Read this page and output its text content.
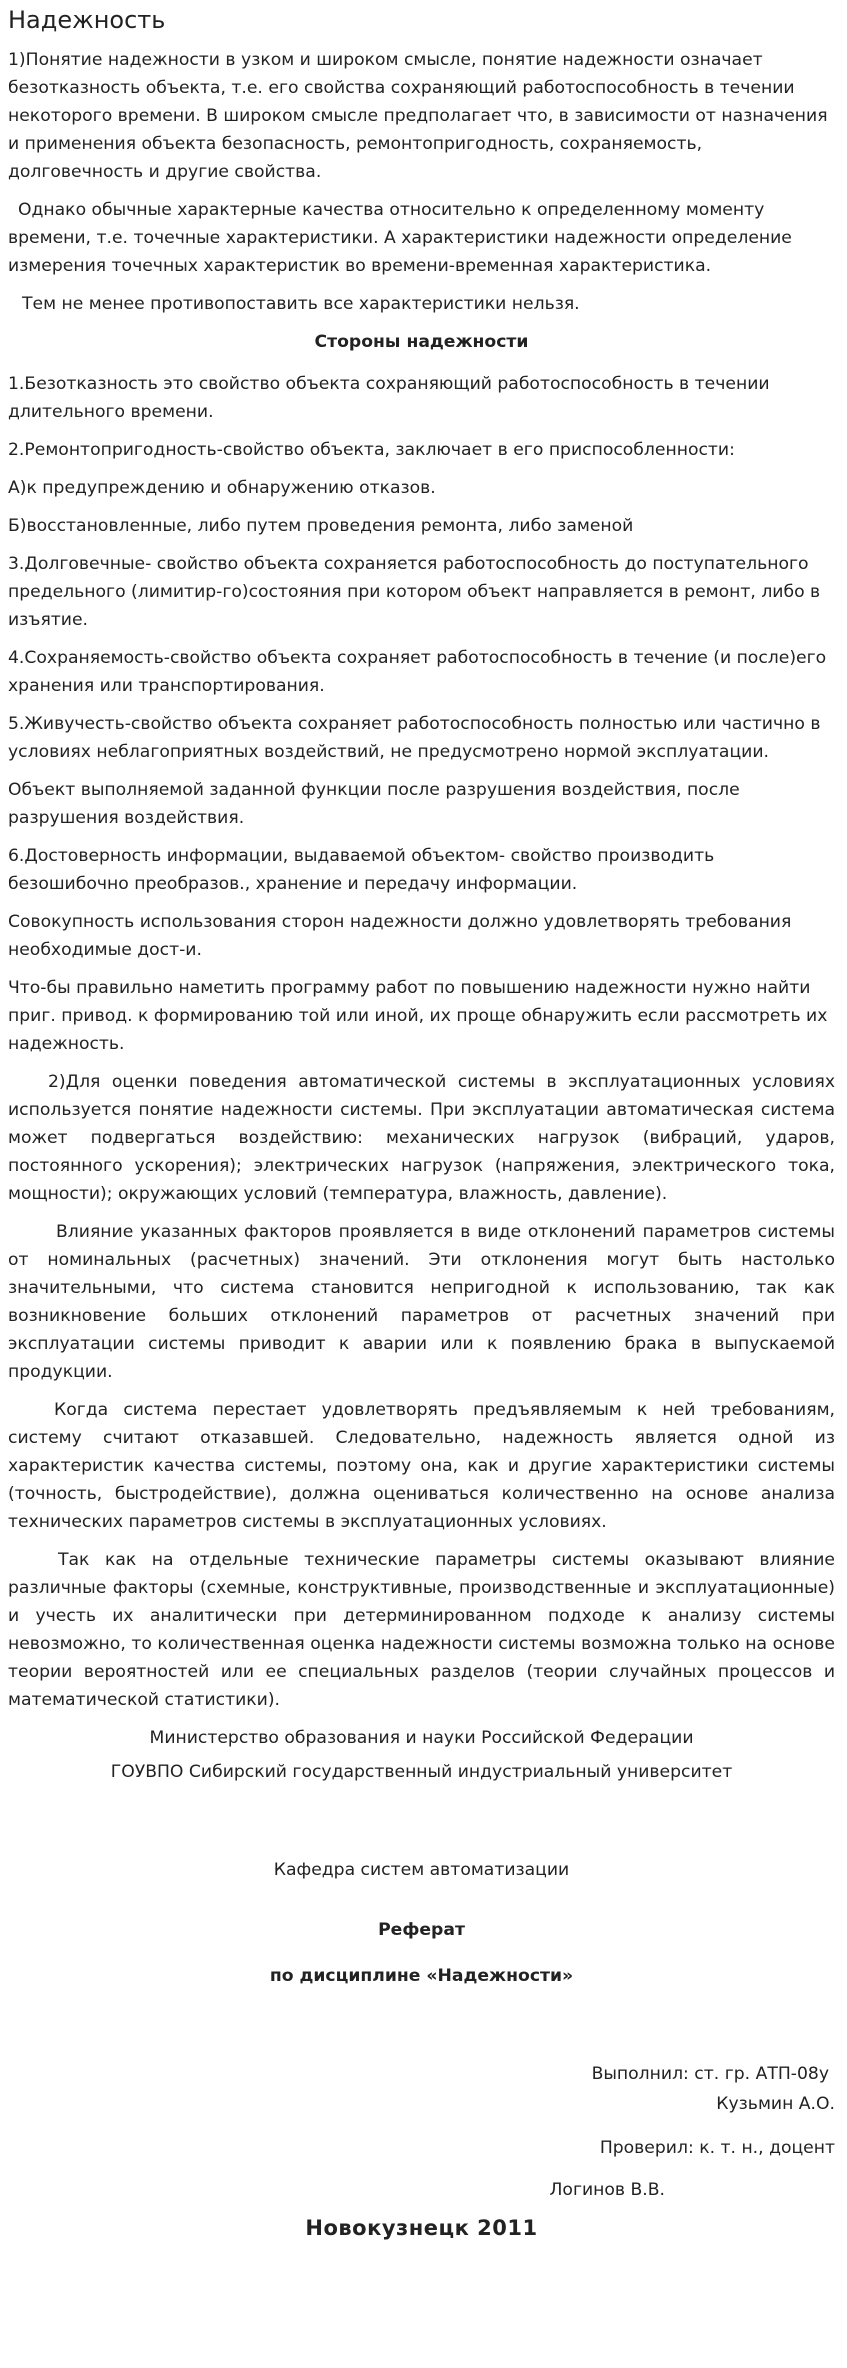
Надежность

1)Понятие надежности в узком и широком смысле, понятие надежности означает безотказность объекта, т.е. его свойства сохраняющий работоспособность в течении некоторого времени. В широком смысле предполагает что, в зависимости от назначения и применения объекта безопасность, ремонтопригодность, сохраняемость, долговечность и другие свойства.

Однако обычные характерные качества относительно к определенному моменту времени, т.е. точечные характеристики. А характеристики надежности определение измерения точечных характеристик во времени-временная характеристика.

Тем не менее противопоставить все характеристики нельзя.

Стороны надежности

1.Безотказность это свойство объекта сохраняющий работоспособность в течении длительного времени.

2.Ремонтопригодность-свойство объекта, заключает в его приспособленности:

А)к предупреждению и обнаружению отказов.

Б)восстановленные, либо путем проведения ремонта, либо заменой

3.Долговечные- свойство объекта сохраняется работоспособность до поступательного предельного (лимитир-го)состояния при котором объект направляется в ремонт, либо в изъятие.

4.Сохраняемость-свойство объекта сохраняет работоспособность в течение (и после)его хранения или транспортирования.

5.Живучесть-свойство объекта сохраняет работоспособность полностью или частично в условиях неблагоприятных воздействий, не предусмотрено нормой эксплуатации.

Объект выполняемой заданной функции после разрушения воздействия, после разрушения воздействия.

6.Достоверность информации, выдаваемой объектом- свойство производить безошибочно преобразов., хранение и передачу информации.

Совокупность использования сторон надежности должно удовлетворять требования необходимые дост-и.

Что-бы правильно наметить программу работ по повышению надежности нужно найти приг. привод. к формированию той или иной, их проще обнаружить если рассмотреть их надежность.

2)Для оценки поведения автоматической системы в эксплуатационных условиях используется понятие надежности системы. При эксплуатации автоматическая система может подвергаться воздействию: механических нагрузок (вибраций, ударов, постоянного ускорения); электрических нагрузок (напряжения, электрического тока, мощности); окружающих условий (температура, влажность, давление).

Влияние указанных факторов проявляется в виде отклонений параметров системы от номинальных (расчетных) значений. Эти отклонения могут быть настолько значительными, что система становится непригодной к использованию, так как возникновение больших отклонений параметров от расчетных значений при эксплуатации системы приводит к аварии или к появлению брака в выпускаемой продукции.

Когда система перестает удовлетворять предъявляемым к ней требованиям, систему считают отказавшей. Следовательно, надежность является одной из характеристик качества системы, поэтому она, как и другие характеристики системы (точность, быстродействие), должна оцениваться количественно на основе анализа технических параметров системы в эксплуатационных условиях.

Так как на отдельные технические параметры системы оказывают влияние различные факторы (схемные, конструктивные, производственные и эксплуатационные) и учесть их аналитически при детерминированном подходе к анализу системы невозможно, то количественная оценка надежности системы возможна только на основе теории вероятностей или ее специальных разделов (теории случайных процессов и математической статистики).

Министерство образования и науки Российской Федерации

ГОУВПО Сибирский государственный индустриальный университет

Кафедра систем автоматизации

Реферат

по дисциплине «Надежности»

Выполнил: ст. гр. АТП-08у

Кузьмин А.О.

Проверил: к. т. н., доцент

Логинов В.В.

Новокузнецк 2011
